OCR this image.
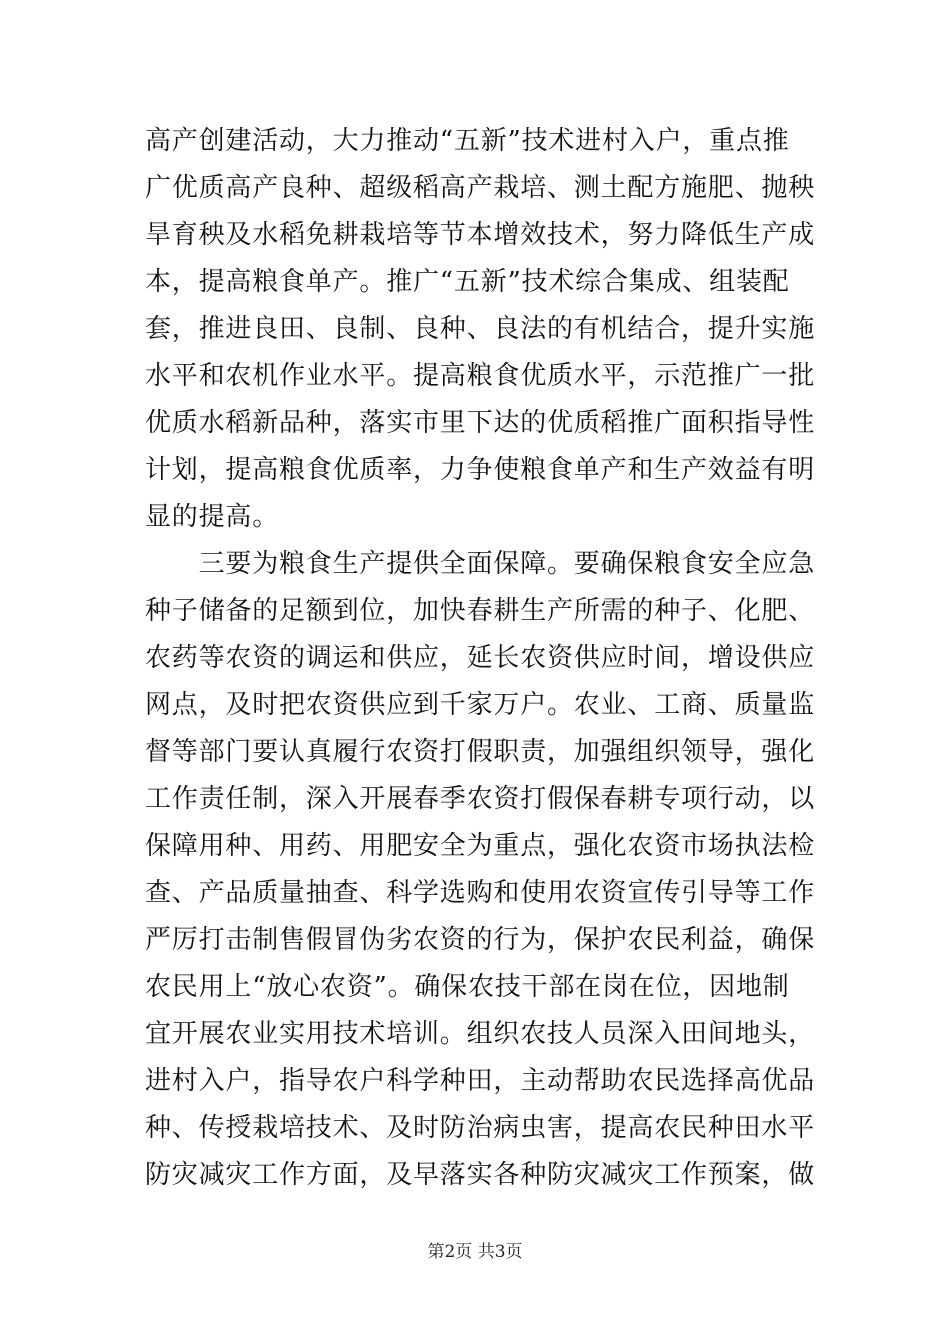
高产创建活动，大力推动“五新”技术进村入户，重点推
广优质高产良种、超级稻高产栽培、测土配方施肥、抛秧
旱育秧及水稻免耕栽培等节本增效技术，努力降低生产成
本，提高粮食单产。推广“五新”技术综合集成、组装配
套，推进良田、良制、良种、良法的有机结合，提升实施
水平和农机作业水平。提高粮食优质水平，示范推广一批
优质水稻新品种，落实市里下达的优质稻推广面积指导性
计划，提高粮食优质率，力争使粮食单产和生产效益有明
显的提高。
　　三要为粮食生产提供全面保障。要确保粮食安全应急
种子储备的足额到位，加快春耕生产所需的种子、化肥、
农药等农资的调运和供应，延长农资供应时间，增设供应
网点，及时把农资供应到千家万户。农业、工商、质量监
督等部门要认真履行农资打假职责，加强组织领导，强化
工作责任制，深入开展春季农资打假保春耕专项行动，以
保障用种、用药、用肥安全为重点，强化农资市场执法检
查、产品质量抽查、科学选购和使用农资宣传引导等工作
严厉打击制售假冒伪劣农资的行为，保护农民利益，确保
农民用上“放心农资”。确保农技干部在岗在位，因地制
宜开展农业实用技术培训。组织农技人员深入田间地头，
进村入户，指导农户科学种田，主动帮助农民选择高优品
种、传授栽培技术、及时防治病虫害，提高农民种田水平
防灾减灾工作方面，及早落实各种防灾减灾工作预案，做
第2页 共3页
